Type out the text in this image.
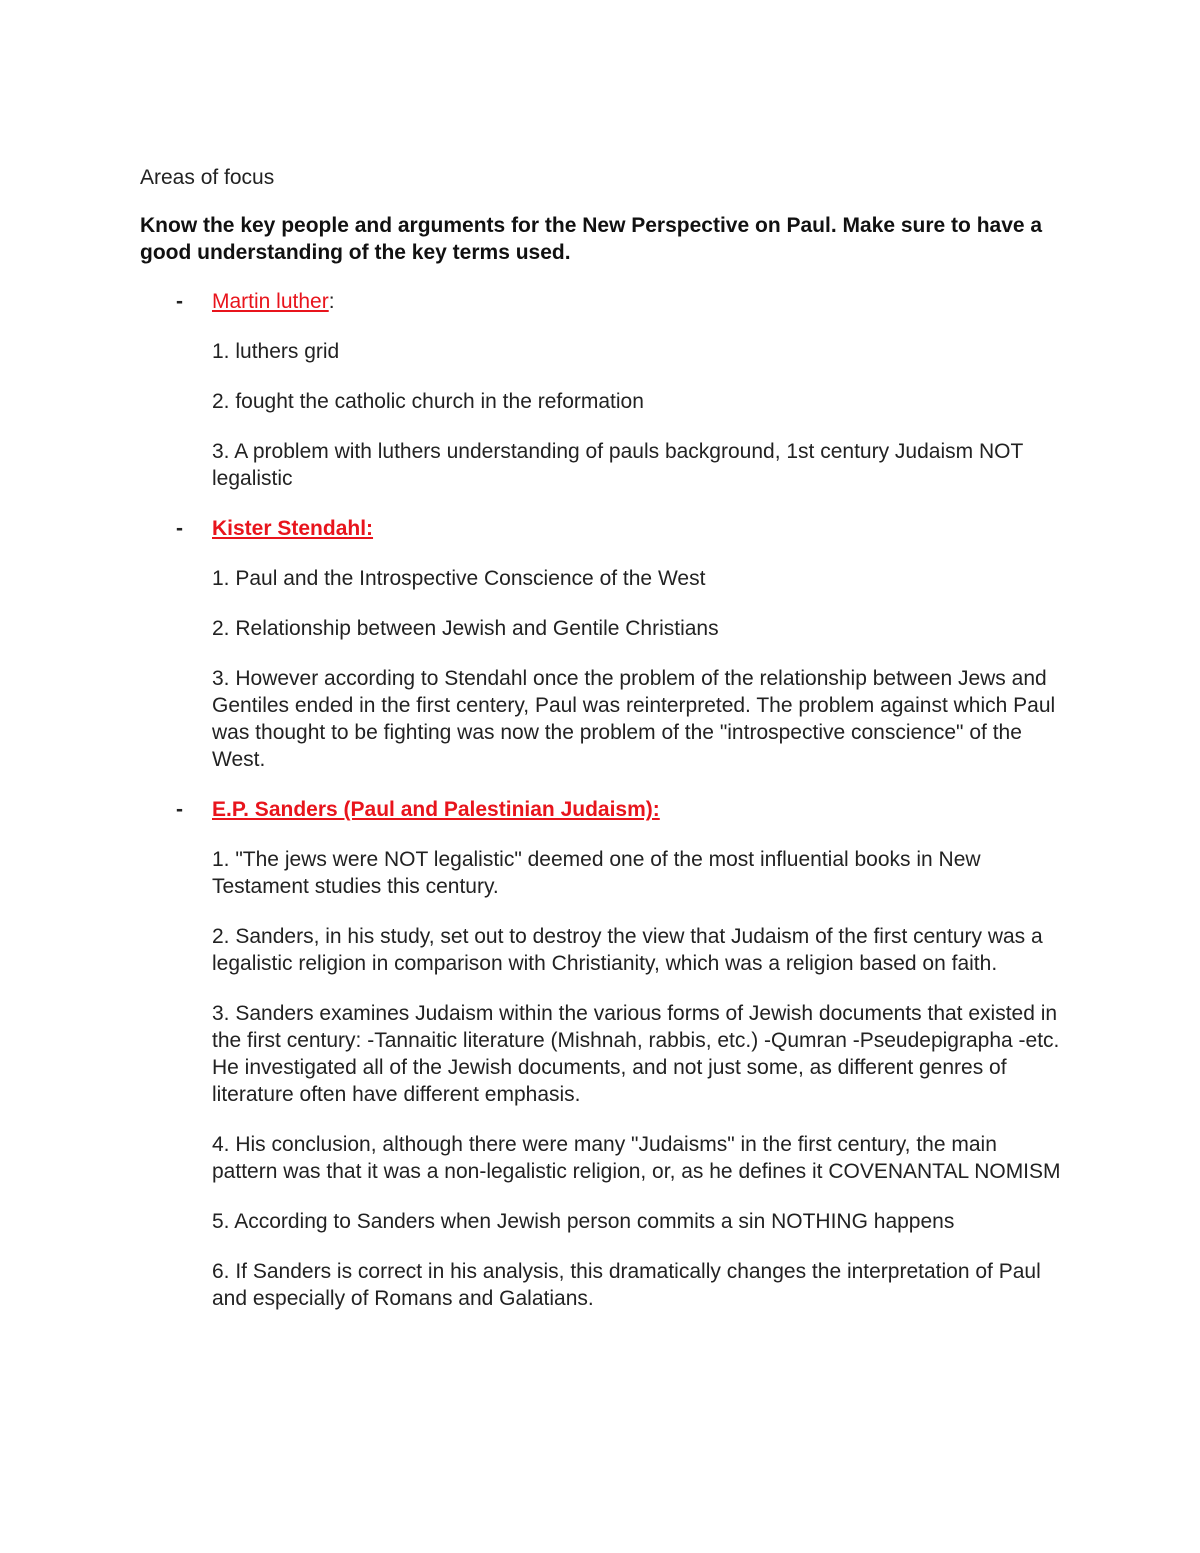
Areas of focus

Know the key people and arguments for the New Perspective on Paul. Make sure to have a good understanding of the key terms used.

- Martin luther:

1. luthers grid

2. fought the catholic church in the reformation

3. A problem with luthers understanding of pauls background, 1st century Judaism NOT legalistic

- Kister Stendahl:

1. Paul and the Introspective Conscience of the West

2. Relationship between Jewish and Gentile Christians

3. However according to Stendahl once the problem of the relationship between Jews and Gentiles ended in the first centery, Paul was reinterpreted. The problem against which Paul was thought to be fighting was now the problem of the "introspective conscience" of the West.

- E.P. Sanders (Paul and Palestinian Judaism):

1. "The jews were NOT legalistic" deemed one of the most influential books in New Testament studies this century.

2. Sanders, in his study, set out to destroy the view that Judaism of the first century was a legalistic religion in comparison with Christianity, which was a religion based on faith.

3. Sanders examines Judaism within the various forms of Jewish documents that existed in the first century: -Tannaitic literature (Mishnah, rabbis, etc.) -Qumran -Pseudepigrapha -etc. He investigated all of the Jewish documents, and not just some, as different genres of literature often have different emphasis.

4. His conclusion, although there were many "Judaisms" in the first century, the main pattern was that it was a non-legalistic religion, or, as he defines it COVENANTAL NOMISM

5. According to Sanders when Jewish person commits a sin NOTHING happens

6. If Sanders is correct in his analysis, this dramatically changes the interpretation of Paul and especially of Romans and Galatians.
